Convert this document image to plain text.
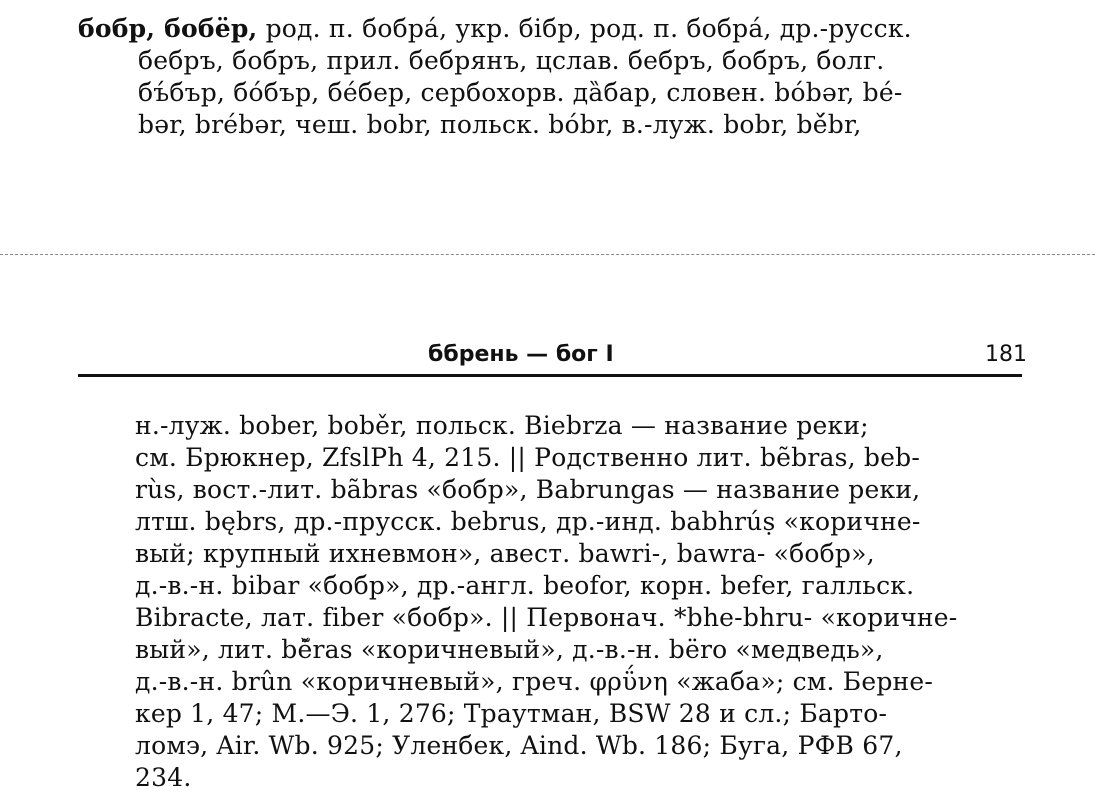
бобр, бобёр, род. п. бобра́, укр. бібр, род. п. бобра́, др.-русск.
бебръ, бобръ, прил. бебрянъ, цслав. бебръ, бобръ, болг.
бъ́бър, бо́бър, бе́бер, сербохорв. да̏бар, словен. bóbər, bé-
bər, brébər, чеш. bobr, польск. bóbr, в.-луж. bobr, bě́br,
ббрень — бог I	181
н.-луж. bober, boběr, польск. Biebrza — название реки;
см. Брюкнер, ZfslPh 4, 215. || Родственно лит. bẽbras, beb-
rùs, вост.-лит. bãbras «бобр», Babrungas — название реки,
лтш. bębrs, др.-прусск. bebrus, др.-инд. babhrúṣ «коричне-
вый; крупный ихневмон», авест. bawri-, bawra- «бобр»,
д.-в.-н. bibar «бобр», др.-англ. beofor, корн. befer, галльск.
Bibracte, лат. fiber «бобр». || Первонач. *bhe-bhru- «коричне-
вый», лит. bě̃ras «коричневый», д.-в.-н. bëro «медведь»,
д.-в.-н. brûn «коричневый», греч. φρΰνη «жаба»; см. Берне-
кер 1, 47; М.—Э. 1, 276; Траутман, BSW 28 и сл.; Барто-
ломэ, Air. Wb. 925; Уленбек, Aind. Wb. 186; Буга, РФВ 67,
234.
